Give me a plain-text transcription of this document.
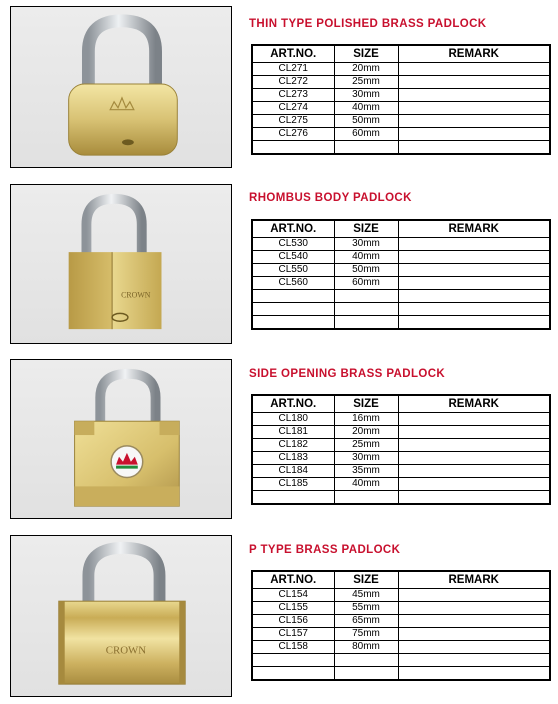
THIN TYPE POLISHED BRASS PADLOCK
ART.NO.	SIZE	REMARK
CL271	20mm	
CL272	25mm	
CL273	30mm	
CL274	40mm	
CL275	50mm	
CL276	60mm	

CROWN
RHOMBUS BODY PADLOCK
ART.NO.	SIZE	REMARK
CL530	30mm	
CL540	40mm	
CL550	50mm	
CL560	60mm	

SIDE OPENING BRASS PADLOCK
ART.NO.	SIZE	REMARK
CL180	16mm	
CL181	20mm	
CL182	25mm	
CL183	30mm	
CL184	35mm	
CL185	40mm	

CROWN
P TYPE BRASS PADLOCK
ART.NO.	SIZE	REMARK
CL154	45mm	
CL155	55mm	
CL156	65mm	
CL157	75mm	
CL158	80mm	
